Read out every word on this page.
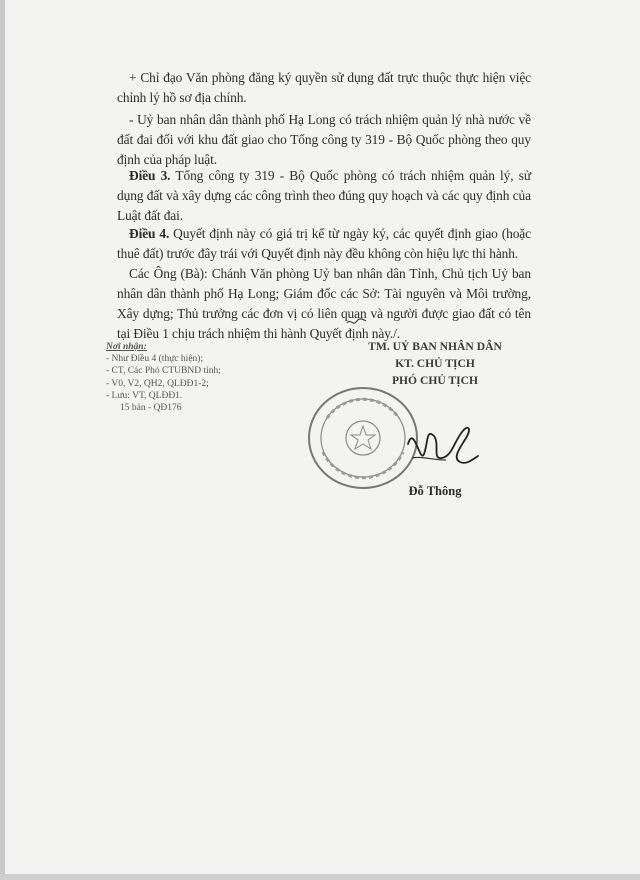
+ Chỉ đạo Văn phòng đăng ký quyền sử dụng đất trực thuộc thực hiện việc chỉnh lý hồ sơ địa chính.

- Uỷ ban nhân dân thành phố Hạ Long có trách nhiệm quản lý nhà nước về đất đai đối với khu đất giao cho Tổng công ty 319 - Bộ Quốc phòng theo quy định của pháp luật.

Điều 3. Tổng công ty 319 - Bộ Quốc phòng có trách nhiệm quản lý, sử dụng đất và xây dựng các công trình theo đúng quy hoạch và các quy định của Luật đất đai.

Điều 4. Quyết định này có giá trị kể từ ngày ký, các quyết định giao (hoặc thuê đất) trước đây trái với Quyết định này đều không còn hiệu lực thi hành.

Các Ông (Bà): Chánh Văn phòng Uỷ ban nhân dân Tỉnh, Chủ tịch Uỷ ban nhân dân thành phố Hạ Long; Giám đốc các Sở: Tài nguyên và Môi trường, Xây dựng; Thủ trưởng các đơn vị có liên quan và người được giao đất có tên tại Điều 1 chịu trách nhiệm thi hành Quyết định này./.

Nơi nhận:
- Như Điều 4 (thực hiện);
- CT, Các Phó CTUBND tỉnh;
- V0, V2, QH2, QLĐĐ1-2;
- Lưu: VT, QLĐĐ1.
15 bản - QĐ176
TM. UỶ BAN NHÂN DÂN
KT. CHỦ TỊCH
PHÓ CHỦ TỊCH
Đỗ Thông
